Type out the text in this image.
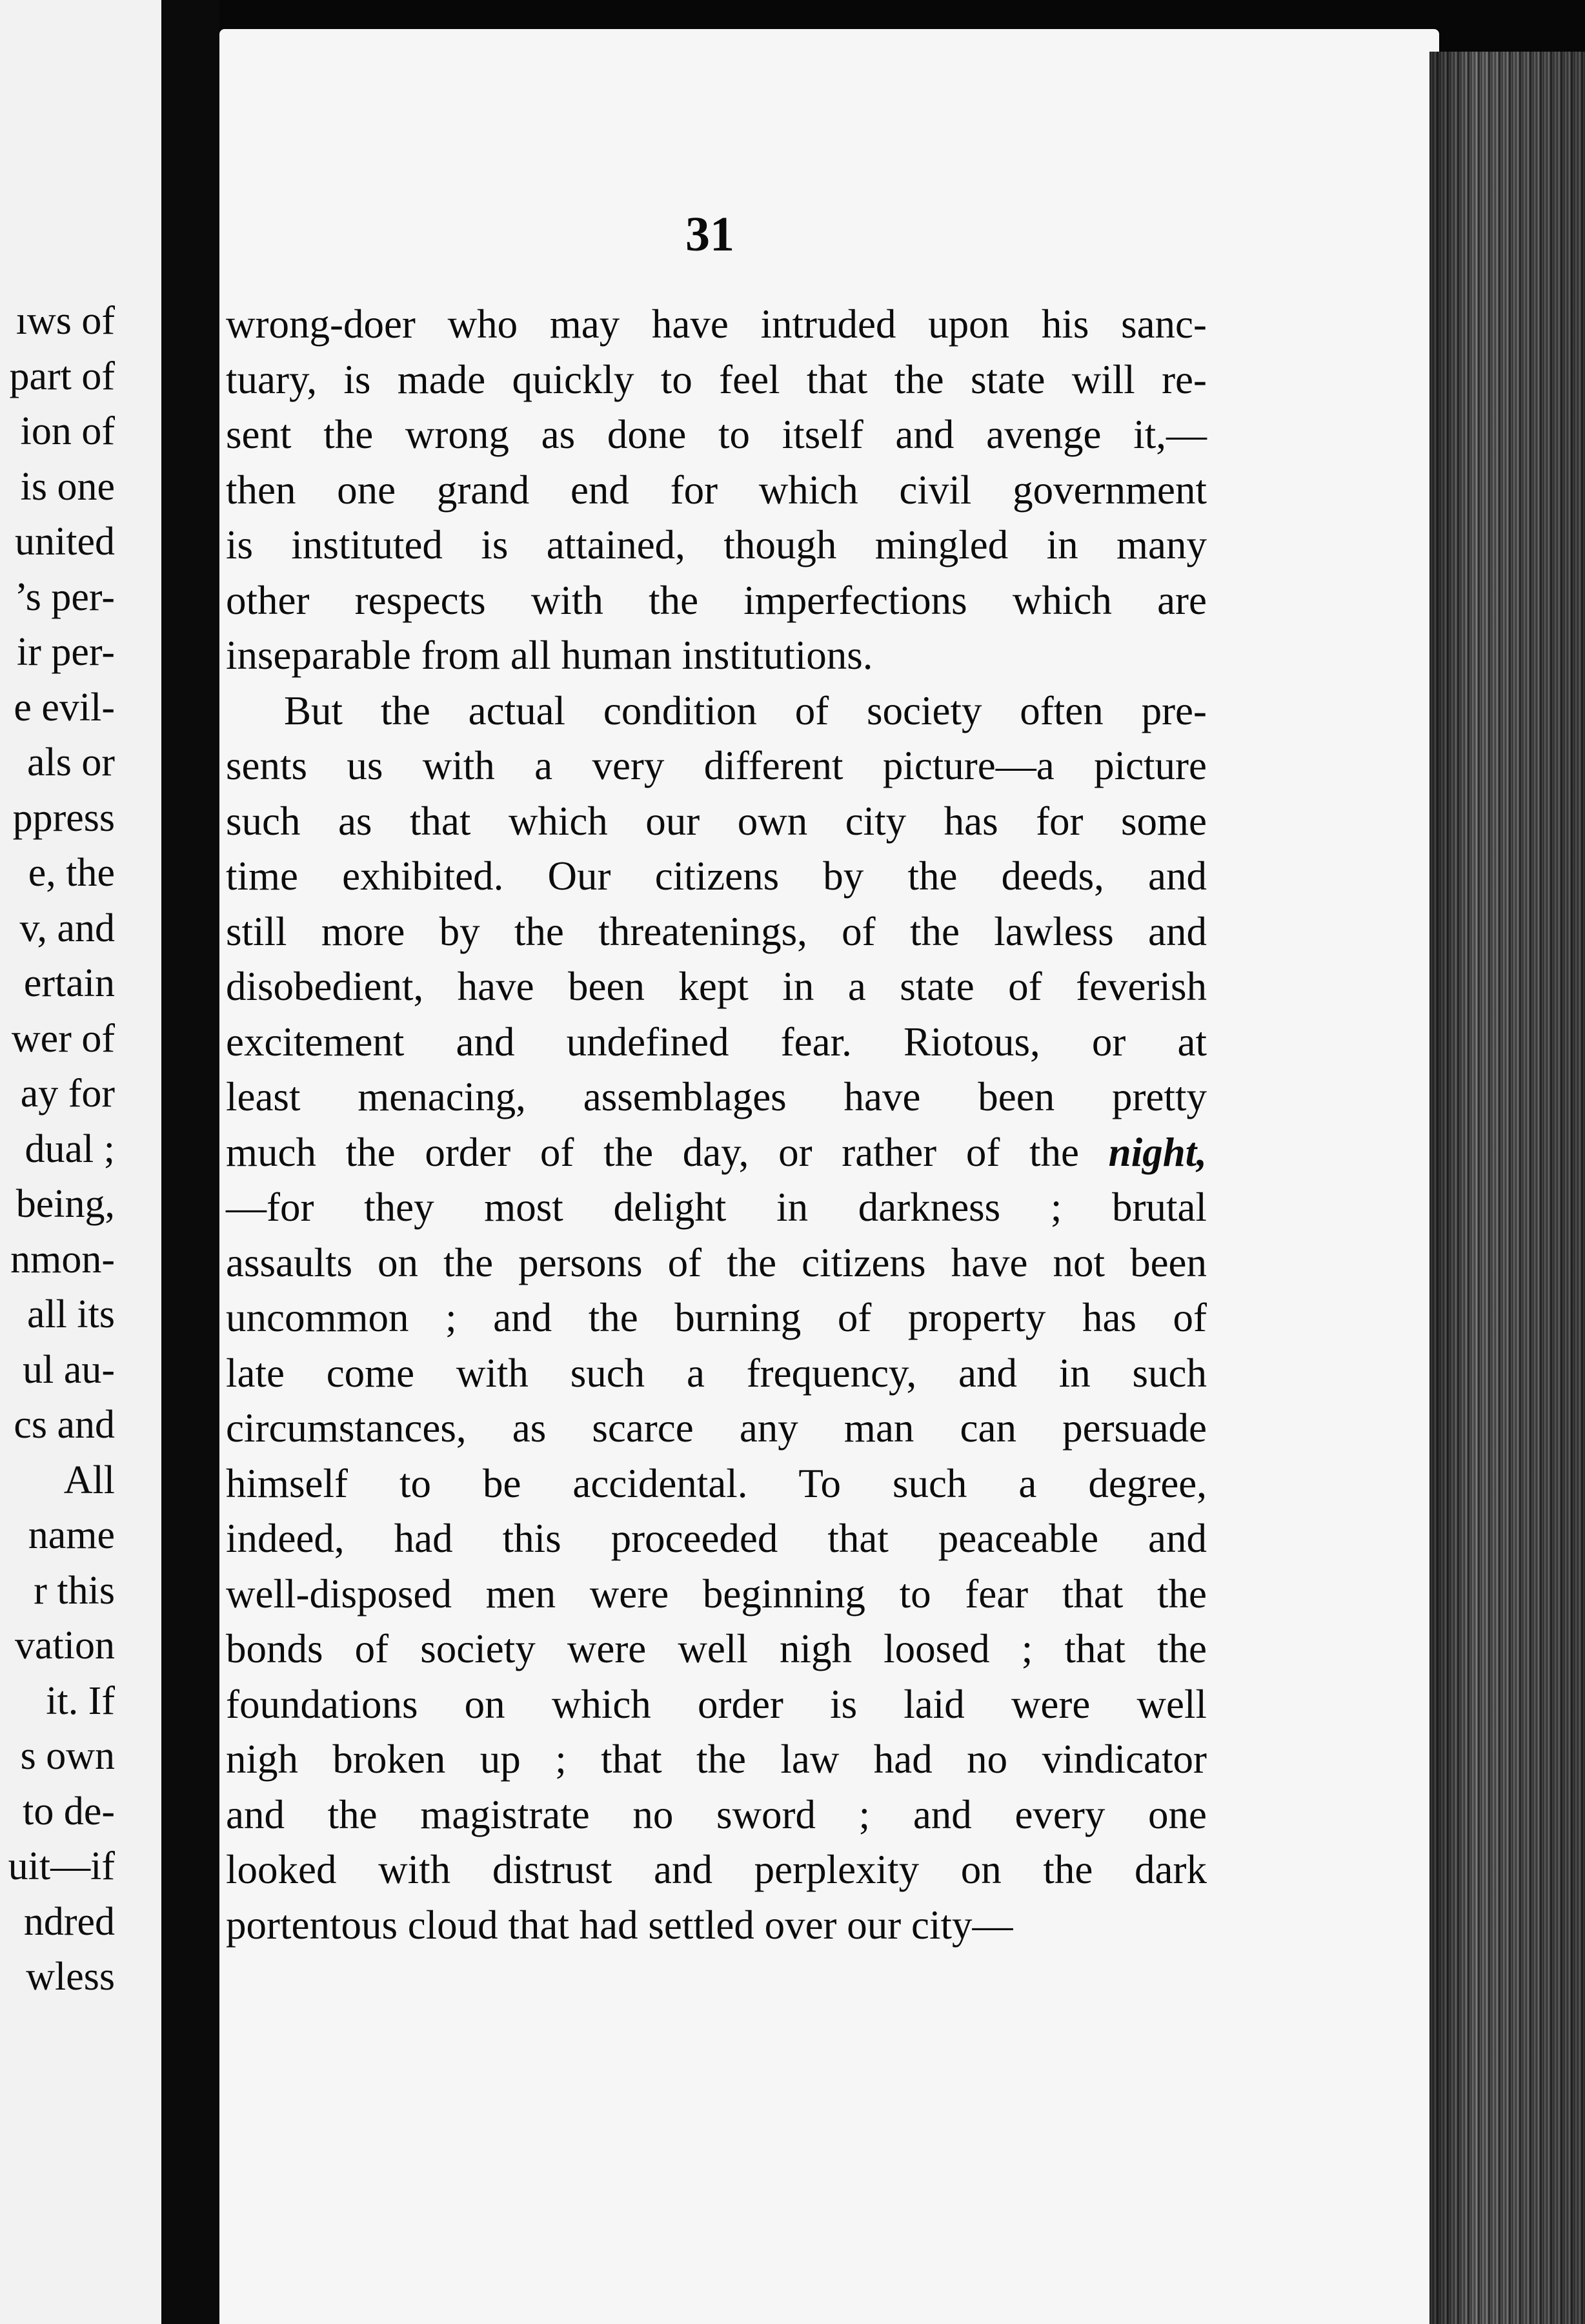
ıws of
part of
ion of
is one
united
’s per-
ir per-
e evil-
als or
ppress
e, the
v, and
ertain
wer of
ay for
dual ;
being,
nmon-
all its
ul au-
cs and
All
name
r this
vation
it. If
s own
to de-
uit—if
ndred
wless
31
wrong-doer who may have intruded upon his sanc-
tuary, is made quickly to feel that the state will re-
sent the wrong as done to itself and avenge it,—
then one grand end for which civil government
is instituted is attained, though mingled in many
other respects with the imperfections which are
inseparable from all human institutions.
But the actual condition of society often pre-
sents us with a very different picture—a picture
such as that which our own city has for some
time exhibited. Our citizens by the deeds, and
still more by the threatenings, of the lawless and
disobedient, have been kept in a state of feverish
excitement and undefined fear. Riotous, or at
least menacing, assemblages have been pretty
much the order of the day, or rather of the night,
—for they most delight in darkness ; brutal
assaults on the persons of the citizens have not been
uncommon ; and the burning of property has of
late come with such a frequency, and in such
circumstances, as scarce any man can persuade
himself to be accidental. To such a degree,
indeed, had this proceeded that peaceable and
well-disposed men were beginning to fear that the
bonds of society were well nigh loosed ; that the
foundations on which order is laid were well
nigh broken up ; that the law had no vindicator
and the magistrate no sword ; and every one
looked with distrust and perplexity on the dark
portentous cloud that had settled over our city—
